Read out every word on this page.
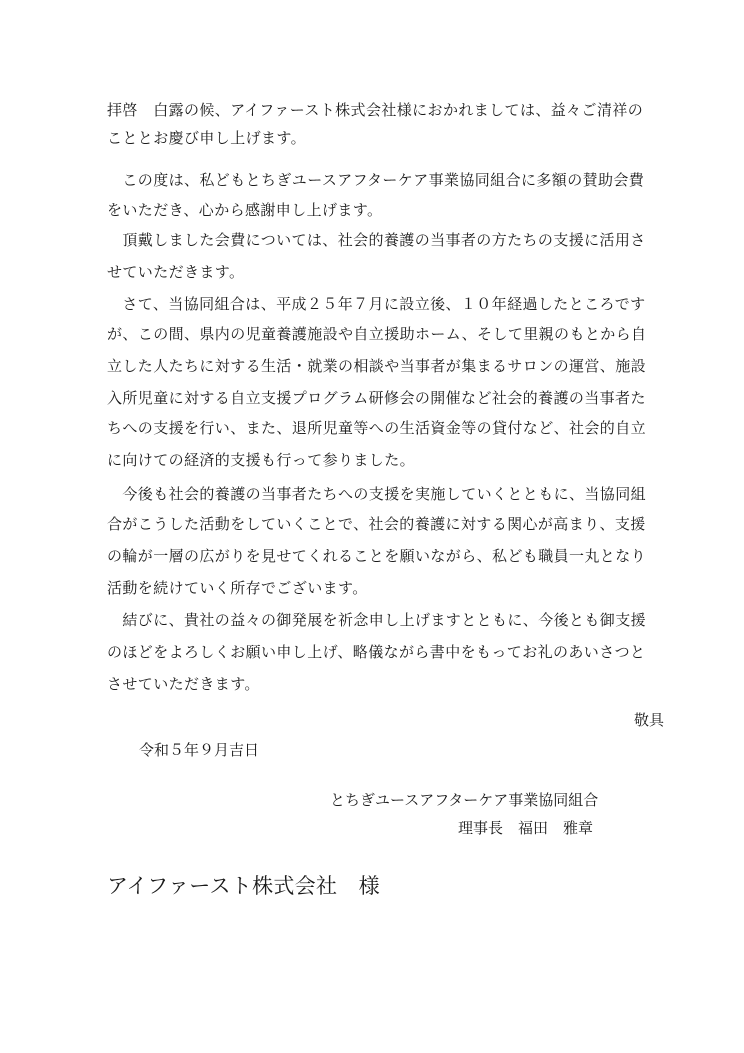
拝啓　白露の候、アイファースト株式会社様におかれましては、益々ご清祥の
こととお慶び申し上げます。
　この度は、私どもとちぎユースアフターケア事業協同組合に多額の賛助会費
をいただき、心から感謝申し上げます。
　頂戴しました会費については、社会的養護の当事者の方たちの支援に活用さ
せていただきます。
　さて、当協同組合は、平成２５年７月に設立後、１０年経過したところです
が、この間、県内の児童養護施設や自立援助ホーム、そして里親のもとから自
立した人たちに対する生活・就業の相談や当事者が集まるサロンの運営、施設
入所児童に対する自立支援プログラム研修会の開催など社会的養護の当事者た
ちへの支援を行い、また、退所児童等への生活資金等の貸付など、社会的自立
に向けての経済的支援も行って参りました。
　今後も社会的養護の当事者たちへの支援を実施していくとともに、当協同組
合がこうした活動をしていくことで、社会的養護に対する関心が高まり、支援
の輪が一層の広がりを見せてくれることを願いながら、私ども職員一丸となり
活動を続けていく所存でございます。
　結びに、貴社の益々の御発展を祈念申し上げますとともに、今後とも御支援
のほどをよろしくお願い申し上げ、略儀ながら書中をもってお礼のあいさつと
させていただきます。
敬具
令和５年９月吉日
とちぎユースアフターケア事業協同組合
理事長　福田　雅章
アイファースト株式会社　様
